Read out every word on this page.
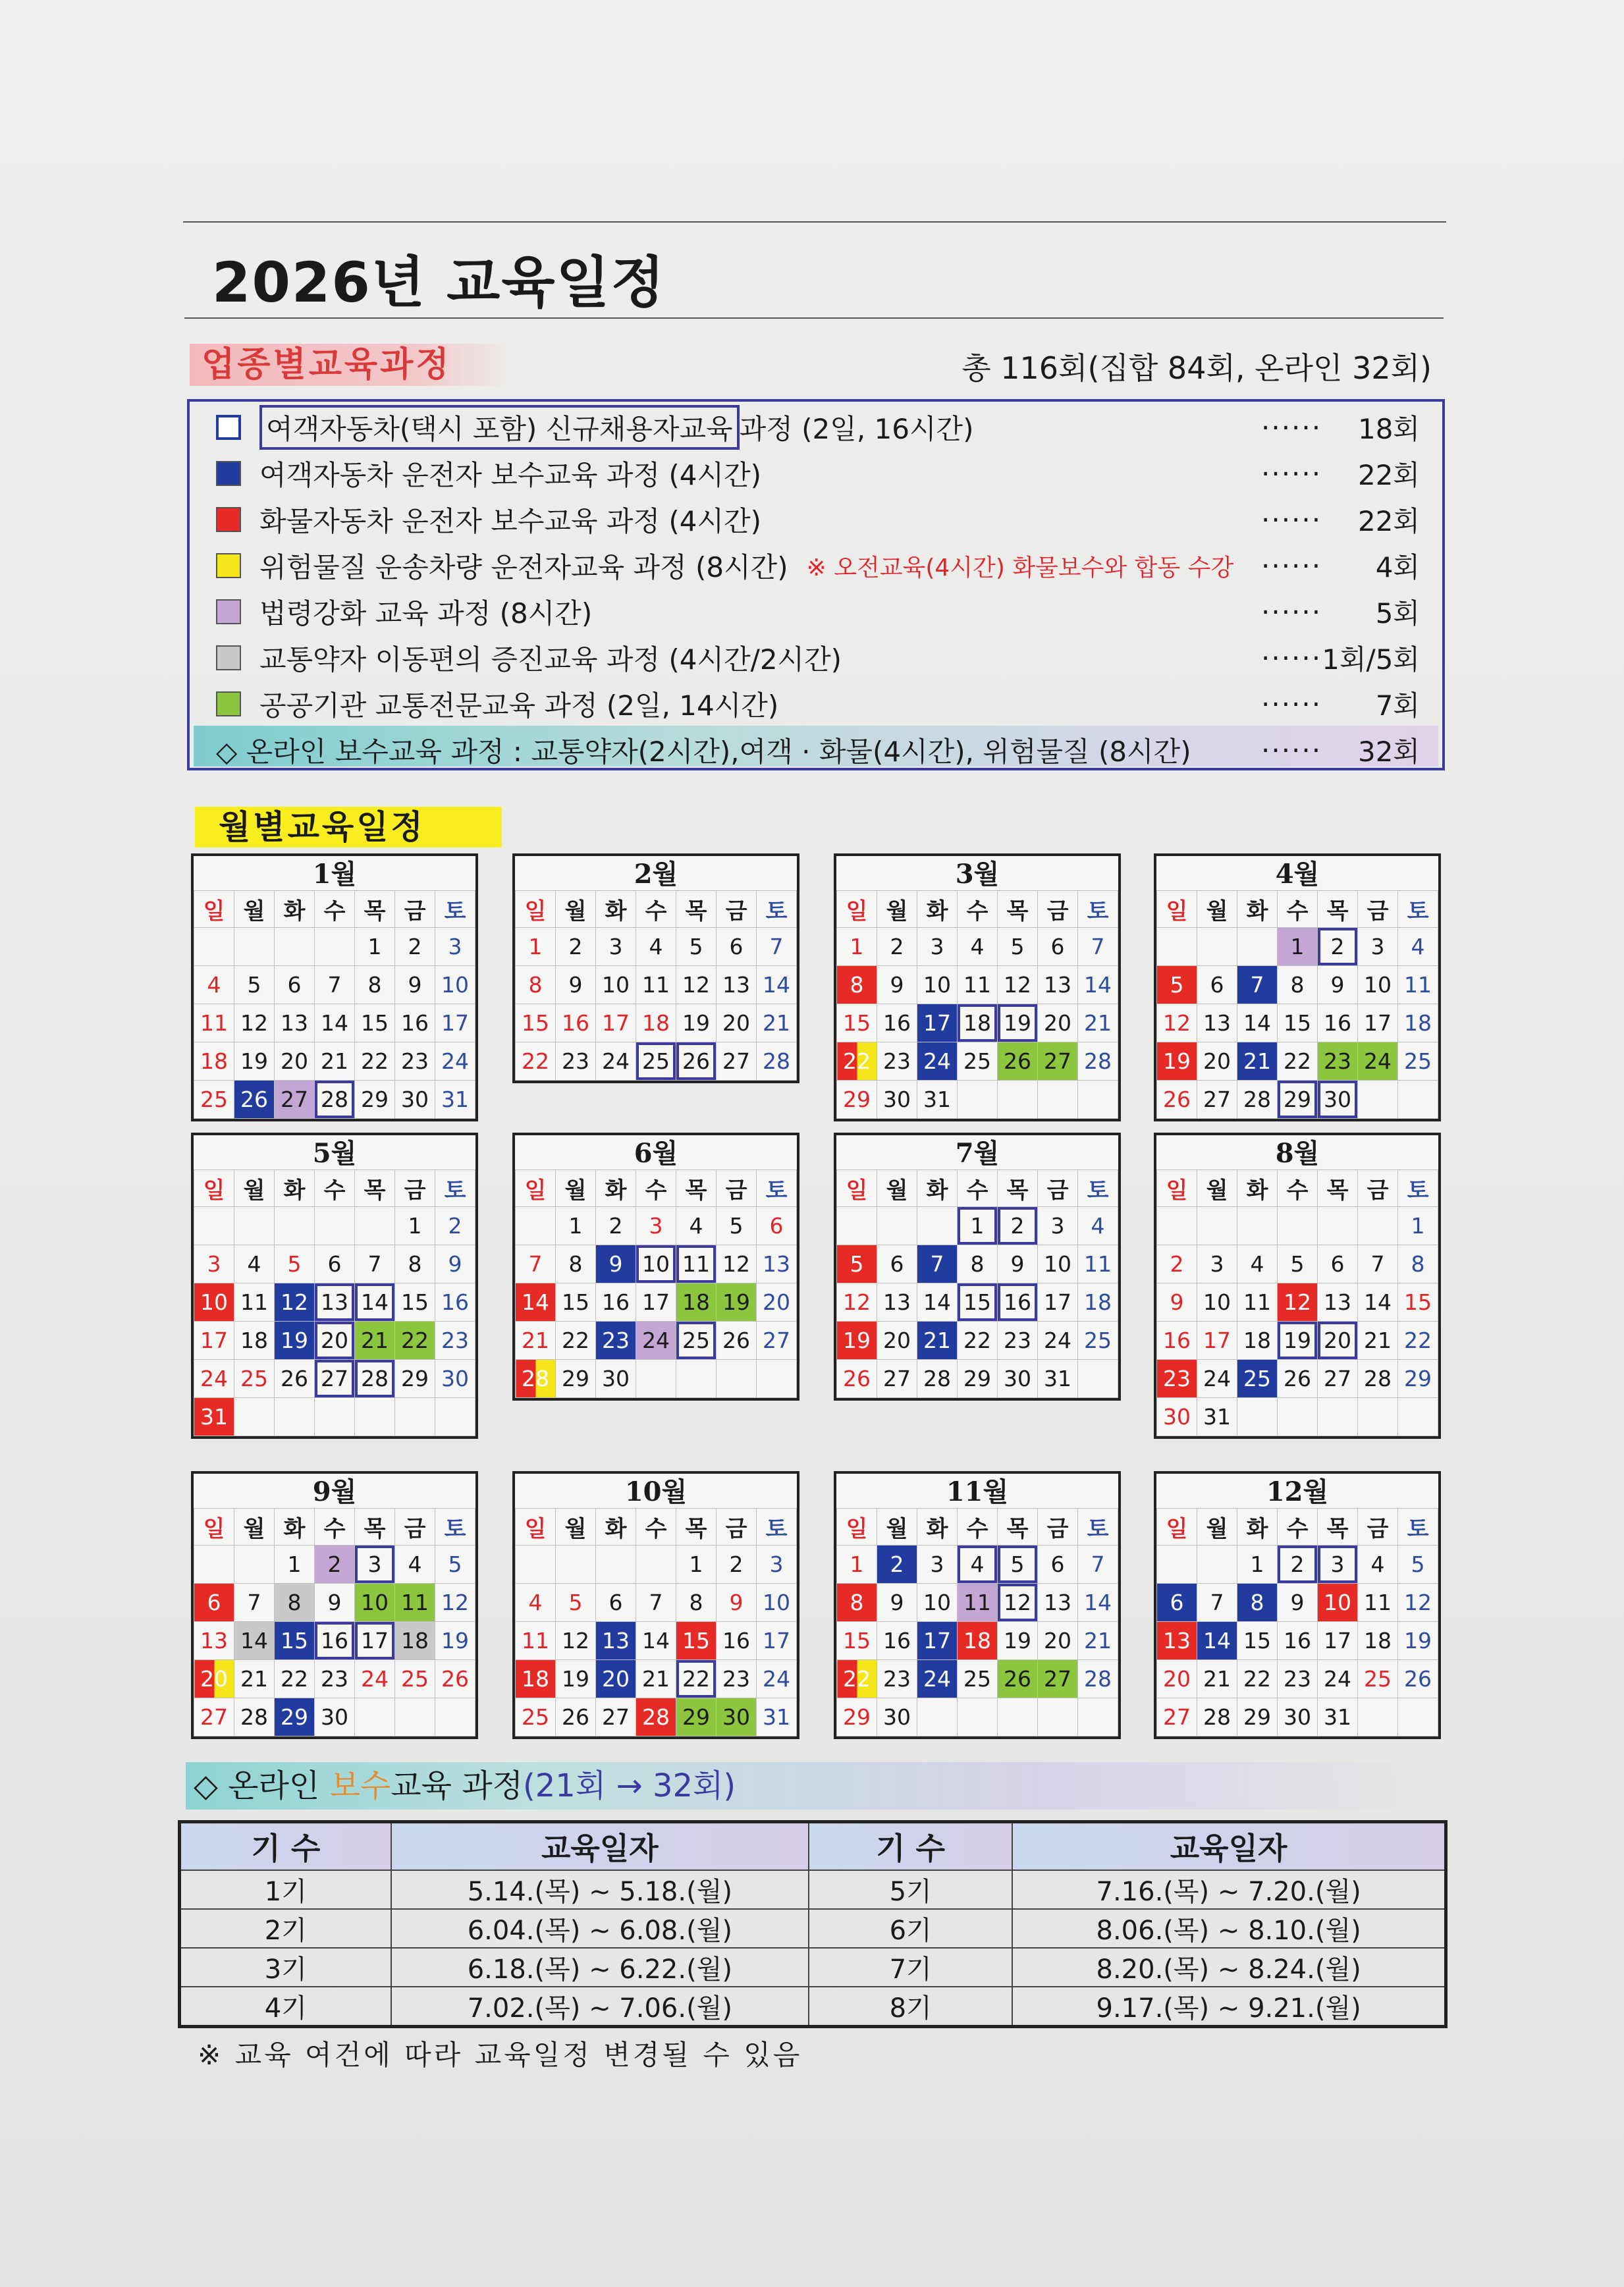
2026년 교육일정
업종별교육과정	총 116회(집합 84회, 온라인 32회)
여객자동차(택시 포함) 신규채용자교육 과정 (2일, 16시간)	······ 18회
여객자동차 운전자 보수교육 과정 (4시간)	······ 22회
화물자동차 운전자 보수교육 과정 (4시간)	······ 22회
위험물질 운송차량 운전자교육 과정 (8시간) ※ 오전교육(4시간) 화물보수와 합동 수강 ······ 4회
법령강화 교육 과정 (8시간)	······ 5회
교통약자 이동편의 증진교육 과정 (4시간/2시간)	······ 1회/5회
공공기관 교통전문교육 과정 (2일, 14시간)	······ 7회
◇ 온라인 보수교육 과정 : 교통약자(2시간),여객 · 화물(4시간), 위험물질 (8시간)	······ 32회
월별교육일정
1월
일	월	화	수	목	금	토
				1	2	3
4	5	6	7	8	9	10
11	12	13	14	15	16	17
18	19	20	21	22	23	24
25	26	27	28	29	30	31
2월
일	월	화	수	목	금	토
1	2	3	4	5	6	7
8	9	10	11	12	13	14
15	16	17	18	19	20	21
22	23	24	25	26	27	28
3월
일	월	화	수	목	금	토
1	2	3	4	5	6	7
8	9	10	11	12	13	14
15	16	17	18	19	20	21
22	23	24	25	26	27	28
29	30	31				
4월
일	월	화	수	목	금	토
			1	2	3	4
5	6	7	8	9	10	11
12	13	14	15	16	17	18
19	20	21	22	23	24	25
26	27	28	29	30		
5월
일	월	화	수	목	금	토
					1	2
3	4	5	6	7	8	9
10	11	12	13	14	15	16
17	18	19	20	21	22	23
24	25	26	27	28	29	30
31						
6월
일	월	화	수	목	금	토
	1	2	3	4	5	6
7	8	9	10	11	12	13
14	15	16	17	18	19	20
21	22	23	24	25	26	27
28	29	30				
7월
일	월	화	수	목	금	토
			1	2	3	4
5	6	7	8	9	10	11
12	13	14	15	16	17	18
19	20	21	22	23	24	25
26	27	28	29	30	31	
8월
일	월	화	수	목	금	토
						1
2	3	4	5	6	7	8
9	10	11	12	13	14	15
16	17	18	19	20	21	22
23	24	25	26	27	28	29
30	31					
9월
일	월	화	수	목	금	토
		1	2	3	4	5
6	7	8	9	10	11	12
13	14	15	16	17	18	19
20	21	22	23	24	25	26
27	28	29	30			
10월
일	월	화	수	목	금	토
				1	2	3
4	5	6	7	8	9	10
11	12	13	14	15	16	17
18	19	20	21	22	23	24
25	26	27	28	29	30	31
11월
일	월	화	수	목	금	토
1	2	3	4	5	6	7
8	9	10	11	12	13	14
15	16	17	18	19	20	21
22	23	24	25	26	27	28
29	30					
12월
일	월	화	수	목	금	토
		1	2	3	4	5
6	7	8	9	10	11	12
13	14	15	16	17	18	19
20	21	22	23	24	25	26
27	28	29	30	31		
◇ 온라인 보수교육 과정(21회 → 32회)
기 수	교육일자	기 수	교육일자
1기	5.14.(목) ~ 5.18.(월)	5기	7.16.(목) ~ 7.20.(월)
2기	6.04.(목) ~ 6.08.(월)	6기	8.06.(목) ~ 8.10.(월)
3기	6.18.(목) ~ 6.22.(월)	7기	8.20.(목) ~ 8.24.(월)
4기	7.02.(목) ~ 7.06.(월)	8기	9.17.(목) ~ 9.21.(월)
※ 교육 여건에 따라 교육일정 변경될 수 있음
